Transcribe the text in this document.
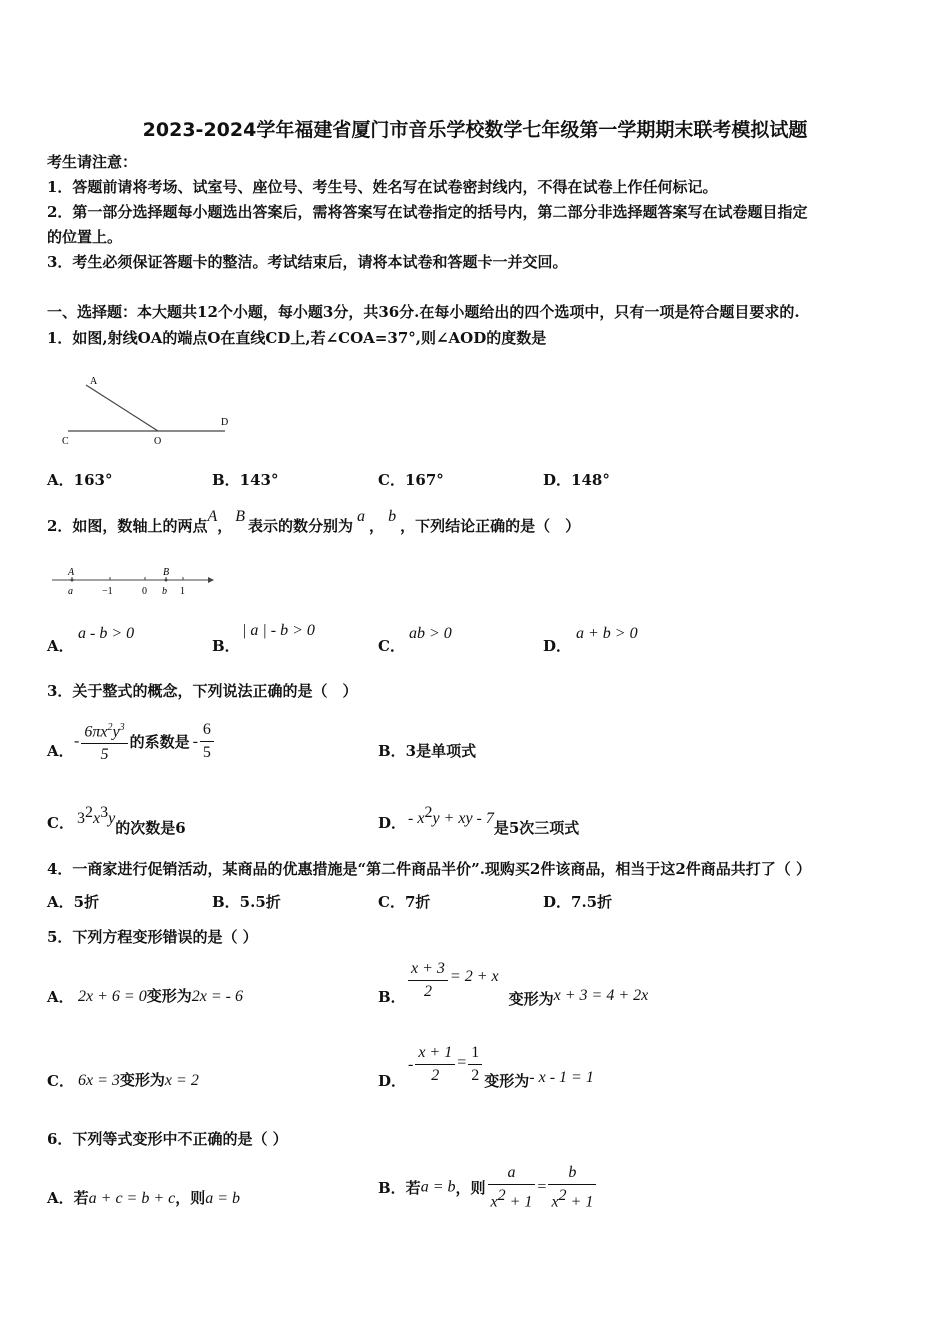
2023-2024学年福建省厦门市音乐学校数学七年级第一学期期末联考模拟试题
考生请注意：
1．答题前请将考场、试室号、座位号、考生号、姓名写在试卷密封线内，不得在试卷上作任何标记。
2．第一部分选择题每小题选出答案后，需将答案写在试卷指定的括号内，第二部分非选择题答案写在试卷题目指定
的位置上。
3．考生必须保证答题卡的整洁。考试结束后，请将本试卷和答题卡一并交回。
一、选择题：本大题共12个小题，每小题3分，共36分.在每小题给出的四个选项中，只有一项是符合题目要求的.
1．如图,射线OA的端点O在直线CD上,若∠COA=37°,则∠AOD的度数是
A
C	O
D
A．163°	B．143°	C．167°	D．148°
2．如图，数轴上的两点A，B表示的数分别为a，b，下列结论正确的是（　）
A	B
a	−1	0 b 1
A．
a - b > 0
B．
| a | - b > 0
C．
ab > 0
D．
a + b > 0
3．关于整式的概念，下列说法正确的是（　）
A．
- $\frac{6\pi x^2y^3}{5}$ 的系数是 - $\frac{6}{5}$	B．3是单项式
C． $3^2x^3y$的次数是6	D． - $x^2y$ + xy - 7是5次三项式
4．一商家进行促销活动，某商品的优惠措施是“第二件商品半价”.现购买2件该商品，相当于这2件商品共打了（ ）
A．5折	B．5.5折	C．7折	D．7.5折
5．下列方程变形错误的是（ ）
A． 2x + 6 = 0变形为2x = - 6	B． $\frac{x + 3}{2} = 2 + x$变形为x + 3 = 4 + 2x
C． 6x = 3变形为x = 2	D．
- $\frac{x + 1}{2} = \frac{1}{2}$ 变形为- x - 1 = 1
6．下列等式变形中不正确的是（ ）
A．若a + c = b + c，则a = b
B．若a = b，则 $\frac{a}{x^2 + 1} = \frac{b}{x^2 + 1}$
